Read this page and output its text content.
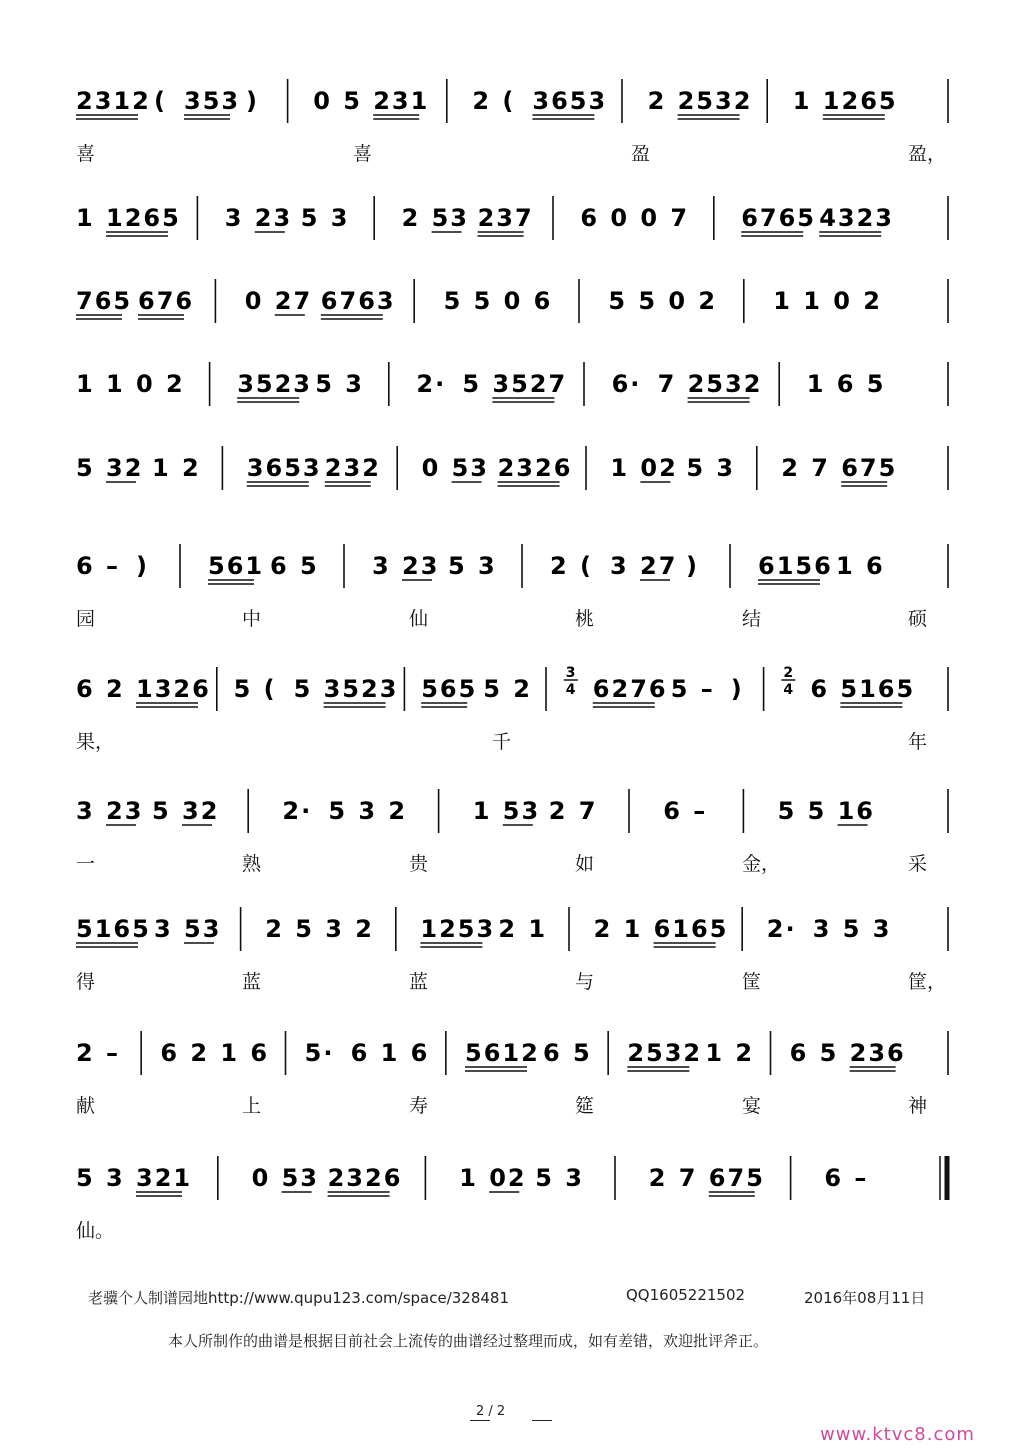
2312 ( 353 ) 0 5 231 2 ( 3653 2 2532 1 1265
1 1265 3 23 5 3 2 53 237 6 0 0 7 6765 4323
765 676 0 27 6763 5 5 0 6 5 5 0 2 1 1 0 2
1 1 0 2 3523 5 3 2· 5 3527 6· 7 2532 1 6 5
5 32 1 2 3653 232 0 53 2326 1 02 5 3 2 7 675
6 – ) 561 6 5 3 23 5 3 2 ( 3 27 ) 6156 1 6
6 2 1326 5 ( 5 3523 565 5 2
3
4 6276 5 – )
2
4 6 5165
3 23 5 32	2· 5 3 2	1 53 2 7	6 –	5 5 16
5165 3 53 2 5 3 2 1253 2 1 2 1 6165 2· 3 5 3
2 – 6 2 1 6 5· 6 1 6 5612 6 5 2532 1 2 6 5 236
5 3 321 0 53 2326 1 02 5 3	2 7 675 6 –
喜	喜	盈	盈，
园	中	仙	桃	结	硕
果，	千	年
一	熟	贵	如	金，	采
得	蓝	蓝	与	筐	筐，
献	上	寿	筵	宴	神
仙。
老骥个人制谱园地http://www.qupu123.com/space/328481	QQ1605221502	2016年08月11日
本人所制作的曲谱是根据目前社会上流传的曲谱经过整理而成，如有差错，欢迎批评斧正。
2 / 2
www.ktvc8.com
